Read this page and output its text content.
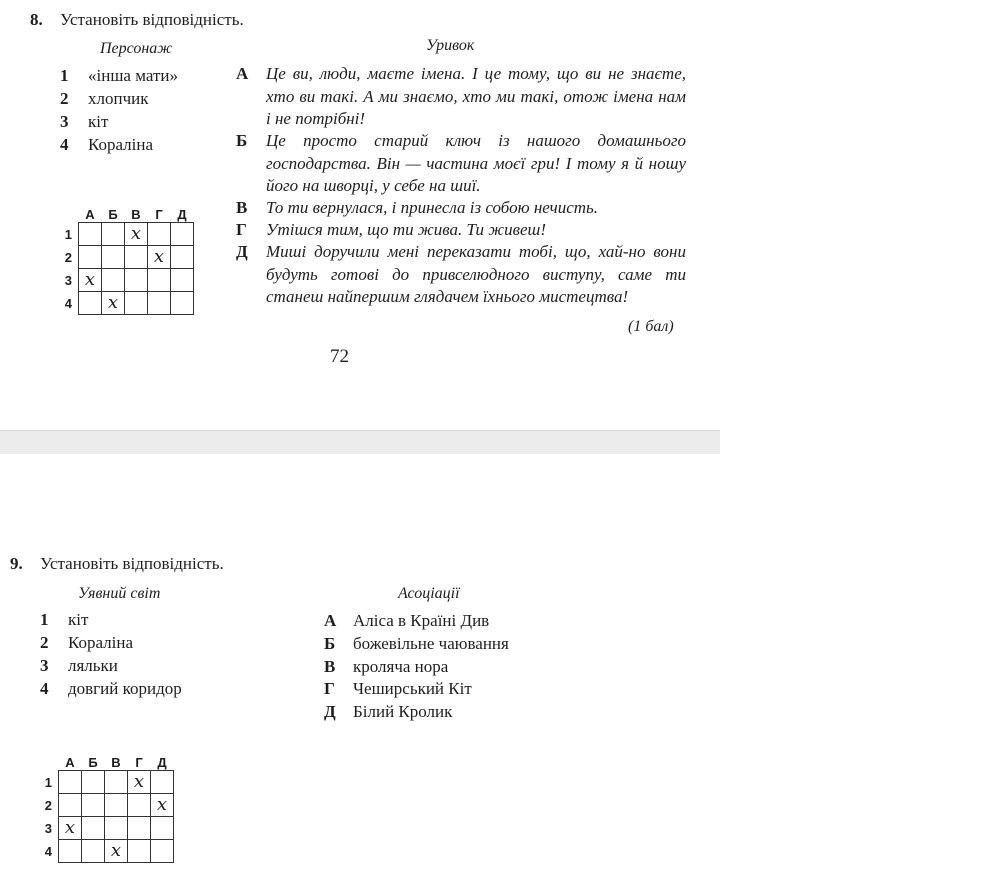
8. Установіть відповідність.
Персонаж	Уривок
1 «інша мати»
2 хлопчик
3 кіт
4 Кораліна
А Це ви, люди, маєте імена. І це тому, що ви не знаєте, хто ви такі. А ми знаємо, хто ми такі, отож імена нам і не потрібні!
Б Це просто старий ключ із нашого домашнього господарства. Він — частина моєї гри! І тому я й ношу його на шворці, у себе на шиї.
В То ти вернулася, і принесла із собою нечисть.
Г Утішся тим, що ти жива. Ти живеш!
Д Миші доручили мені переказати тобі, що, хай-но вони будуть готові до привселюдного виступу, саме ти станеш найпершим глядачем їхнього мистецтва!
(1 бал)
	А	Б	В	Г	Д
1			x		
2				x	
3	x				
4		x			
72
9. Установіть відповідність.
Уявний світ	Асоціації
1 кіт
2 Кораліна
3 ляльки
4 довгий коридор
А Аліса в Країні Див
Б божевільне чаювання
В кроляча нора
Г Чеширський Кіт
Д Білий Кролик
	А	Б	В	Г	Д
1				x	
2					x
3	x				
4			x		
